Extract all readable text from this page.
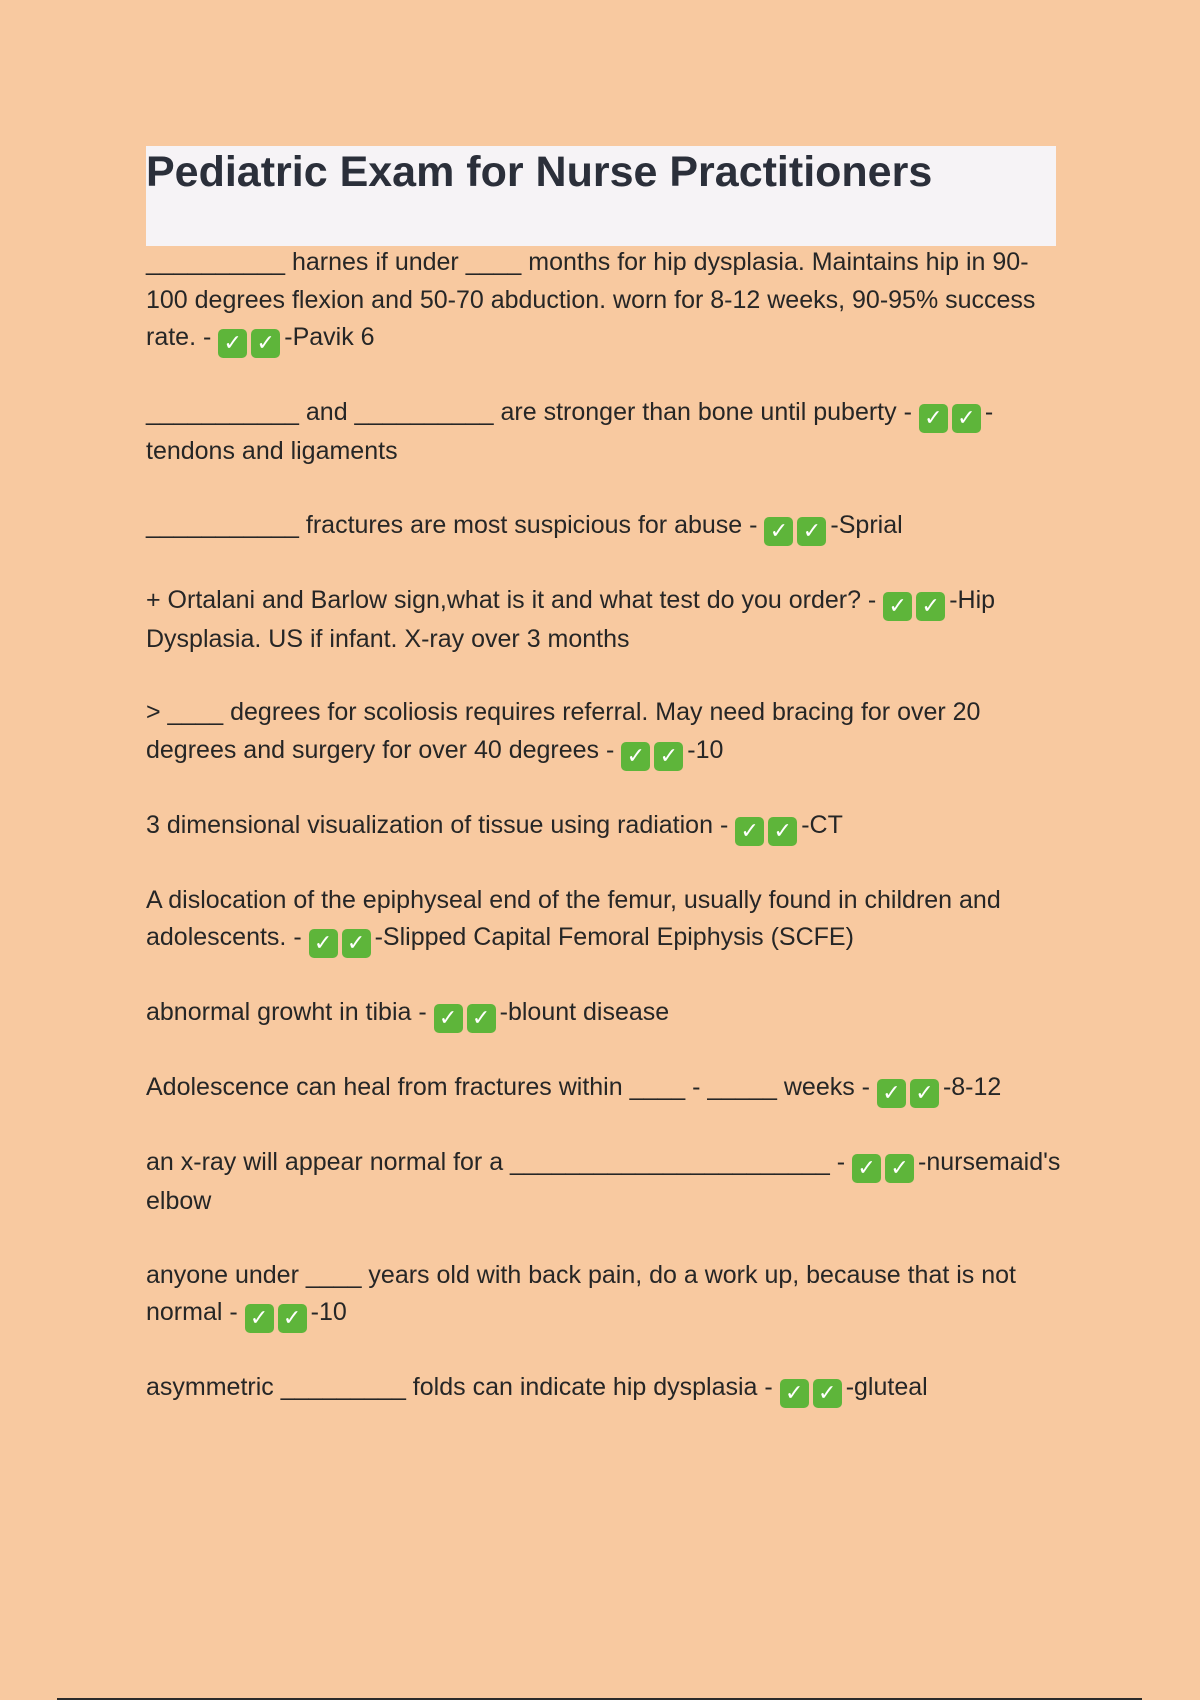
Pediatric Exam for Nurse Practitioners

__________ harnes if under ____ months for hip dysplasia. Maintains hip in 90-100 degrees flexion and 50-70 abduction. worn for 8-12 weeks, 90-95% success rate. - ✓ ✓ -Pavik 6

___________ and __________ are stronger than bone until puberty - ✓ ✓ -tendons and ligaments

___________ fractures are most suspicious for abuse - ✓ ✓ -Sprial

+ Ortalani and Barlow sign,what is it and what test do you order? - ✓ ✓ -Hip Dysplasia. US if infant. X-ray over 3 months

> ____ degrees for scoliosis requires referral. May need bracing for over 20 degrees and surgery for over 40 degrees - ✓ ✓ -10

3 dimensional visualization of tissue using radiation - ✓ ✓ -CT

A dislocation of the epiphyseal end of the femur, usually found in children and adolescents. - ✓ ✓ -Slipped Capital Femoral Epiphysis (SCFE)

abnormal growht in tibia - ✓ ✓ -blount disease

Adolescence can heal from fractures within ____ - _____ weeks - ✓ ✓ -8-12

an x-ray will appear normal for a _______________________ - ✓ ✓ -nursemaid's elbow

anyone under ____ years old with back pain, do a work up, because that is not normal - ✓ ✓ -10

asymmetric _________ folds can indicate hip dysplasia - ✓ ✓ -gluteal
